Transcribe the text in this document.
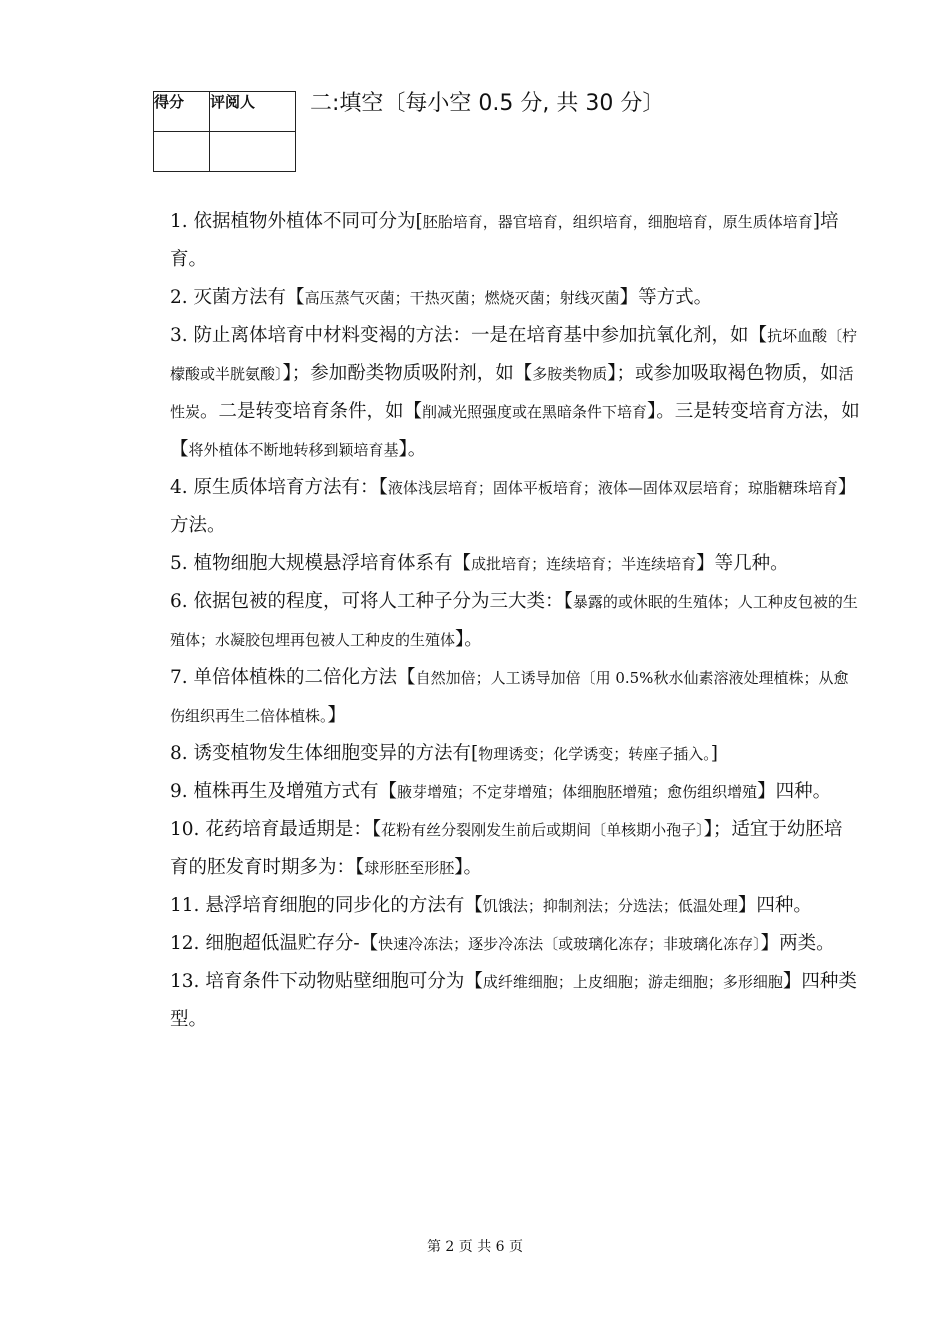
得分	评阅人
	二:填空〔每小空 0.5 分, 共 30 分〕

1. 依据植物外植体不同可分为[胚胎培育，器官培育，组织培育，细胞培育，原生质体培育]培育。

2. 灭菌方法有【高压蒸气灭菌；干热灭菌；燃烧灭菌；射线灭菌】等方式。

3. 防止离体培育中材料变褐的方法：一是在培育基中参加抗氧化剂，如【抗坏血酸〔柠檬酸或半胱氨酸〕】；参加酚类物质吸附剂，如【多胺类物质】；或参加吸取褐色物质，如活性炭。二是转变培育条件，如【削减光照强度或在黑暗条件下培育】。三是转变培育方法，如【将外植体不断地转移到颖培育基】。

4. 原生质体培育方法有：【液体浅层培育；固体平板培育；液体—固体双层培育；琼脂糖珠培育】方法。

5. 植物细胞大规模悬浮培育体系有【成批培育；连续培育；半连续培育】等几种。

6. 依据包被的程度，可将人工种子分为三大类：【暴露的或休眠的生殖体；人工种皮包被的生殖体；水凝胶包埋再包被人工种皮的生殖体】。

7. 单倍体植株的二倍化方法【自然加倍；人工诱导加倍〔用 0.5%秋水仙素溶液处理植株；从愈伤组织再生二倍体植株。】

8. 诱变植物发生体细胞变异的方法有[物理诱变；化学诱变；转座子插入。]

9. 植株再生及增殖方式有【腋芽增殖；不定芽增殖；体细胞胚增殖；愈伤组织增殖】四种。

10. 花药培育最适期是：【花粉有丝分裂刚发生前后或期间〔单核期小孢子〕】；适宜于幼胚培育的胚发育时期多为：【球形胚至形胚】。

11. 悬浮培育细胞的同步化的方法有【饥饿法；抑制剂法；分选法；低温处理】四种。

12. 细胞超低温贮存分-【快速冷冻法；逐步冷冻法〔或玻璃化冻存；非玻璃化冻存〕】两类。

13. 培育条件下动物贴壁细胞可分为【成纤维细胞；上皮细胞；游走细胞；多形细胞】四种类型。

第 2 页 共 6 页
